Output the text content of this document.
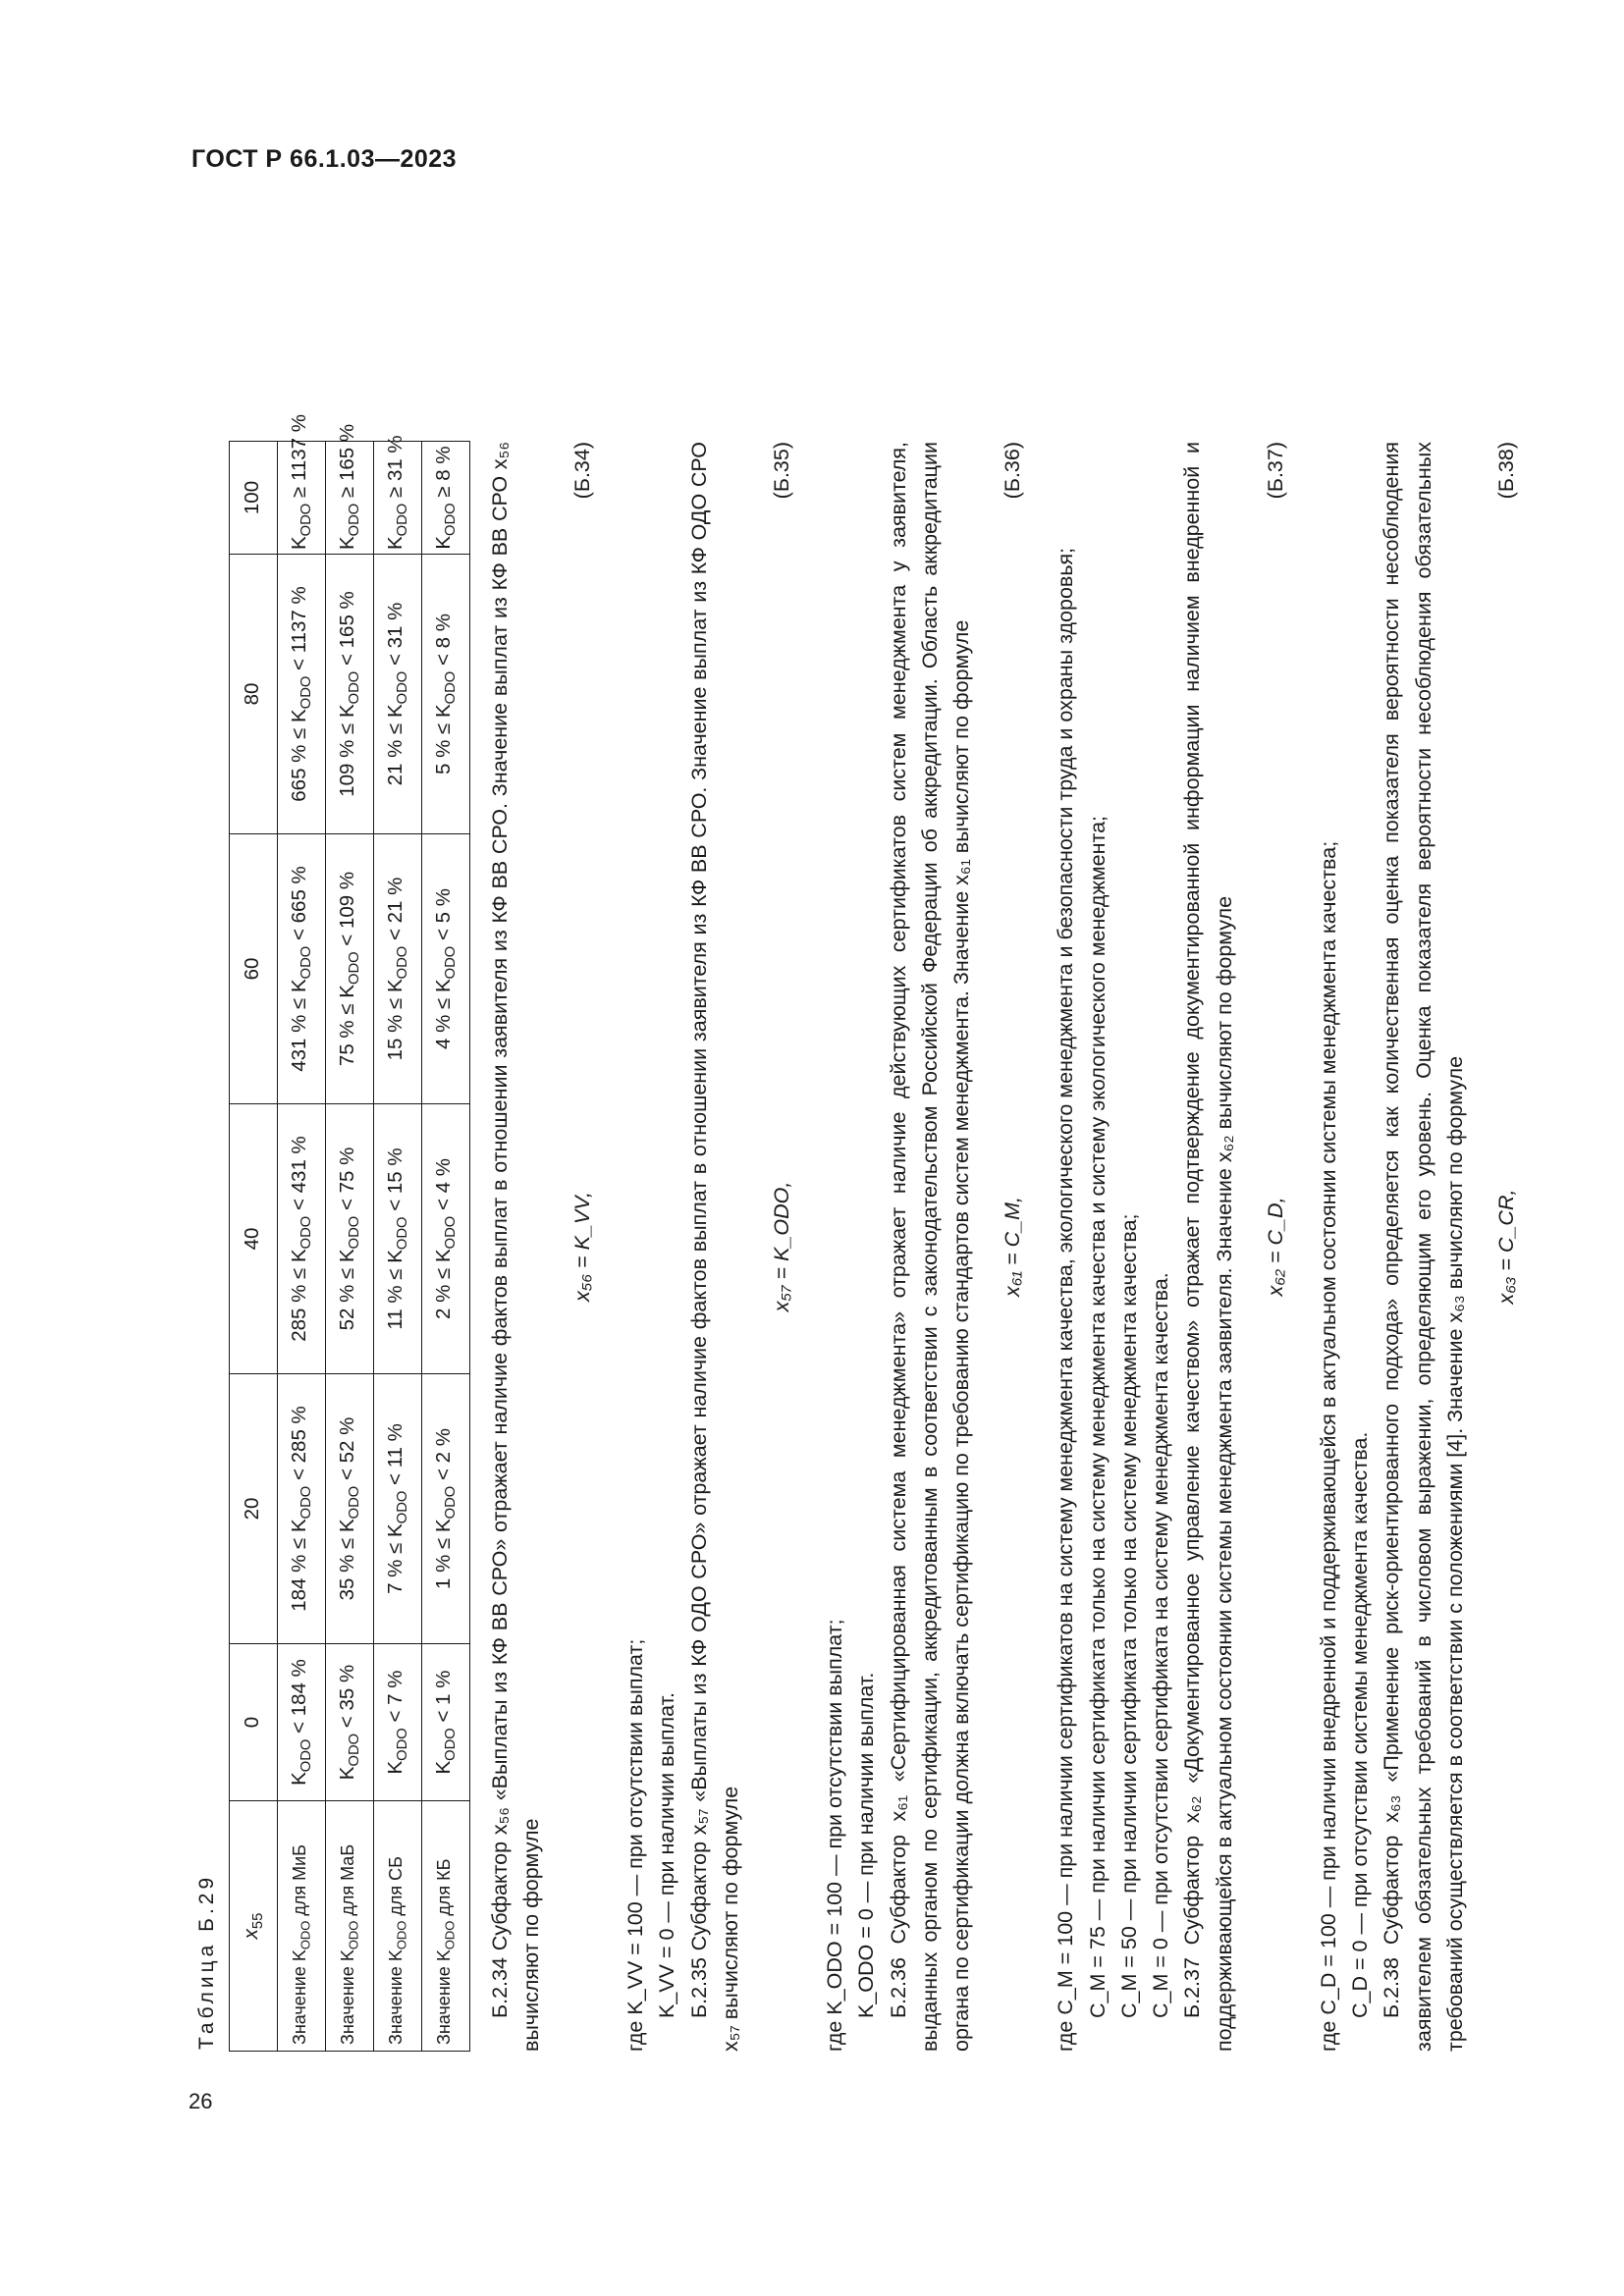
ГОСТ Р 66.1.03—2023
26
Таблица Б.29 $x_{55}$	0	20	40	60	80	100
Значение $K_{ODO}$ для МиБ	$K_{ODO} < 184$ %	184 % ≤ $K_{ODO} < 285$ %	285 % ≤ $K_{ODO} < 431$ %	431 % ≤ $K_{ODO} < 665$ %	665 % ≤ $K_{ODO} < 1137$ %	$K_{ODO} \ge 1137$ %
Значение $K_{ODO}$ для МаБ	$K_{ODO} < 35$ %	35 % ≤ $K_{ODO} < 52$ %	52 % ≤ $K_{ODO} < 75$ %	75 % ≤ $K_{ODO} < 109$ %	109 % ≤ $K_{ODO} < 165$ %	$K_{ODO} \ge 165$ %
Значение $K_{ODO}$ для СБ	$K_{ODO} < 7$ %	7 % ≤ $K_{ODO} < 11$ %	11 % ≤ $K_{ODO} < 15$ %	15 % ≤ $K_{ODO} < 21$ %	21 % ≤ $K_{ODO} < 31$ %	$K_{ODO} \ge 31$ %
Значение $K_{ODO}$ для КБ	$K_{ODO} < 1$ %	1 % ≤ $K_{ODO} < 2$ %	2 % ≤ $K_{ODO} < 4$ %	4 % ≤ $K_{ODO} < 5$ %	5 % ≤ $K_{ODO} < 8$ %	$K_{ODO} \ge 8$ % Б.2.34 Субфактор x₅₆ «Выплаты из КФ ВВ СРО» отражает наличие фактов выплат в отношении заявителя из КФ ВВ СРО. Значение выплат из КФ ВВ СРО x₅₆ вычисляют по формуле

x₅₆ = K_VV,
(Б.34)

где K_VV = 100 — при отсутствии выплат; K_VV = 0 — при наличии выплат. Б.2.35 Субфактор x₅₇ «Выплаты из КФ ОДО СРО» отражает наличие фактов выплат в отношении заявителя из КФ ВВ СРО. Значение выплат из КФ ОДО СРО x₅₇ вычисляют по формуле

x₅₇ = K_ODO,
(Б.35)

где K_ODO = 100 — при отсутствии выплат; K_ODO = 0 — при наличии выплат. Б.2.36 Субфактор x₆₁ «Сертифицированная система менеджмента» отражает наличие действующих сертификатов систем менеджмента у заявителя, выданных органом по сертификации, аккредитованным в соответствии с законодательством Российской Федерации об аккредитации. Область аккредитации органа по сертификации должна включать сертификацию по требованию стандартов систем менеджмента. Значение x₆₁ вычисляют по формуле x₆₁ = C_M,
(Б.36)

где C_M = 100 — при наличии сертификатов на систему менеджмента качества, экологического менеджмента и безопасности труда и охраны здоровья; C_M = 75 — при наличии сертификата только на систему менеджмента качества и систему экологического менеджмента; C_M = 50 — при наличии сертификата только на систему менеджмента качества; C_M = 0 — при отсутствии сертификата на систему менеджмента качества. Б.2.37 Субфактор x₆₂ «Документированное управление качеством» отражает подтверждение документированной информации наличием внедренной и поддерживающейся в актуальном состоянии системы менеджмента заявителя. Значение x₆₂ вычисляют по формуле x₆₂ = C_D,
(Б.37)

где C_D = 100 — при наличии внедренной и поддерживающейся в актуальном состоянии системы менеджмента качества; C_D = 0 — при отсутствии системы менеджмента качества. Б.2.38 Субфактор x₆₃ «Применение риск-ориентированного подхода» определяется как количественная оценка показателя вероятности несоблюдения заявителем обязательных требований в числовом выражении, определяющим его уровень. Оценка показателя вероятности несоблюдения обязательных требований осуществляется в соответствии с положениями [4]. Значение x₆₃ вычисляют по формуле x₆₃ = C_CR,
(Б.38)
